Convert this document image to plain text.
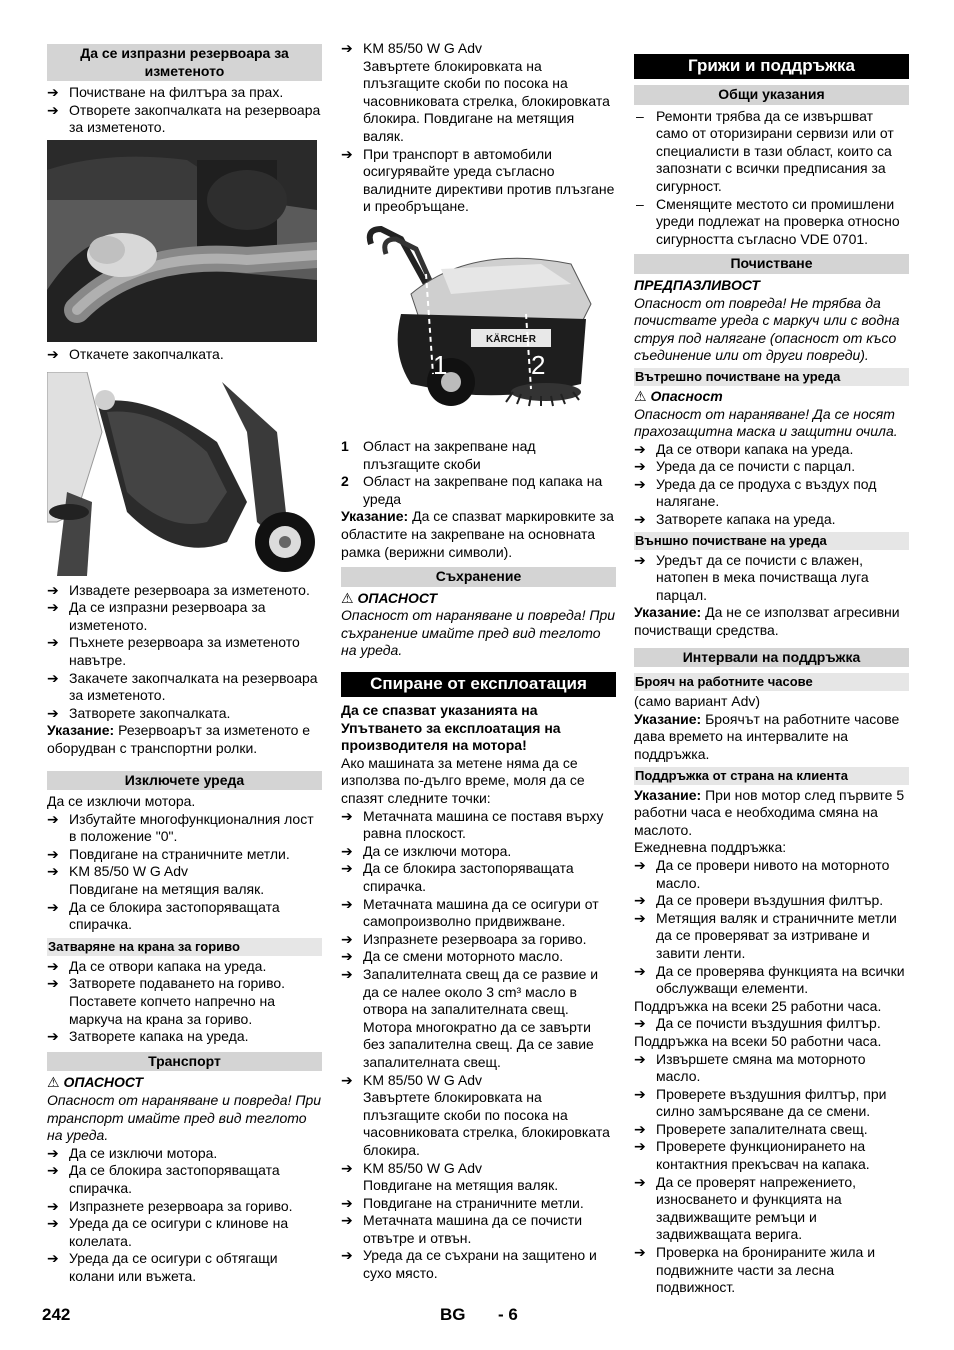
Да се изпразни резервоара за изметеното
➔ Почистване на филтъра за прах.
➔ Отворете закопчалката на резервоара за изметеното.
➔ Откачете закопчалката.
➔ Извадете резервоара за изметеното.
➔ Да се изпразни резервоара за изметеното.
➔ Пъхнете резервоара за изметеното навътре.
➔ Закачете закопчалката на резервоара за изметеното.
➔ Затворете закопчалката.

Указание: Резервоарът за изметеното е оборудван с транспортни ролки.

Изключете уреда

Да се изключи мотора.

➔ Избутайте многофункционалния лост в положение "0".
➔ Повдигане на страничните метли.
➔ KM 85/50 W G Adv

Повдигане на метящия валяк.

➔ Да се блокира застопоряващата спирачка.
Затваряне на крана за гориво
➔ Да се отвори капака на уреда.
➔ Затворете подаването на гориво.

Поставете копчето напречно на маркуча на крана за гориво.

➔ Затворете капака на уреда.
Транспорт

⚠ ОПАСНОСТ

Опасност от нараняване и повреда! При транспорт имайте пред вид теглото на уреда.

➔ Да се изключи мотора.
➔ Да се блокира застопоряващата спирачка.
➔ Изпразнете резервоара за гориво.
➔ Уреда да се осигури с клинове на колелата.
➔ Уреда да се осигури с обтягащи колани или въжета.
➔ KM 85/50 W G Adv

Завъртете блокировката на плъзгащите скоби по посока на часовниковата стрелка, блокировката блокира. Повдигане на метящия валяк.

➔ При транспорт в автомобили осигурявайте уреда съгласно валидните директиви против плъзгане и преобръщане.
KÄRCHER
1	2
1 Област на закрепване над плъзгащите скоби
2 Област на закрепване под капака на уреда

Указание: Да се спазват маркировките за областите на закрепване на основната рамка (верижни символи).

Съхранение

⚠ ОПАСНОСТ

Опасност от нараняване и повреда! При съхранение имайте пред вид теглото на уреда.

Спиране от експлоатация

Да се спазват указанията на Упътването за експлоатация на производителя на мотора!

Ако машината за метене няма да се използва по-дълго време, моля да се спазят следните точки:

➔ Метачната машина се поставя върху равна плоскост.
➔ Да се изключи мотора.
➔ Да се блокира застопоряващата спирачка.
➔ Метачната машина да се осигури от самопроизволно придвижване.
➔ Изпразнете резервоара за гориво.
➔ Да се смени моторното масло.
➔ Запалителната свещ да се развие и да се налее около 3 cm³ масло в отвора на запалителната свещ. Мотора многократно да се завърти без запалителна свещ. Да се завие запалителната свещ.
➔ KM 85/50 W G Adv

Завъртете блокировката на плъзгащите скоби по посока на часовниковата стрелка, блокировката блокира.

➔ KM 85/50 W G Adv

Повдигане на метящия валяк.

➔ Повдигане на страничните метли.
➔ Метачната машина да се почисти отвътре и отвън.
➔ Уреда да се съхрани на защитено и сухо място.
Грижи и поддръжка
Общи указания
– Ремонти трябва да се извършват само от оторизирани сервизи или от специалисти в тази област, които са запознати с всички предписания за сигурност.
– Сменящите местото си промишлени уреди подлежат на проверка относно сигурността съгласно VDE 0701.
Почистване

ПРЕДПАЗЛИВОСТ

Опасност от повреда! Не трябва да почиствате уреда с маркуч или с водна струя под налягане (опасност от късо съединение или от други повреди).

Вътрешно почистване на уреда

⚠ Опасност

Опасност от нараняване! Да се носят прахозащитна маска и защитни очила.

➔ Да се отвори капака на уреда.
➔ Уреда да се почисти с парцал.
➔ Уреда да се продуха с въздух под налягане.
➔ Затворете капака на уреда.
Външно почистване на уреда
➔ Уредът да се почисти с влажен, натопен в мека почистваща луга парцал.

Указание: Да не се използват агресивни почистващи средства.

Интервали на поддръжка
Брояч на работните часове

(само вариант Adv)

Указание: Броячът на работните часове дава времето на интервалите на поддръжка.

Поддръжка от страна на клиента

Указание: При нов мотор след първите 5 работни часа е необходима смяна на маслото.

Ежедневна поддръжка:

➔ Да се провери нивото на моторното масло.
➔ Да се провери въздушния филтър.
➔ Метящия валяк и страничните метли да се проверяват за изтриване и завити ленти.
➔ Да се проверява функцията на всички обслужващи елементи.

Поддръжка на всеки 25 работни часа.

➔ Да се почисти въздушния филтър.

Поддръжка на всеки 50 работни часа.

➔ Извършете смяна ма моторното масло.
➔ Проверете въздушния филтър, при силно замърсяване да се смени.
➔ Проверете запалителната свещ.
➔ Проверете функционирането на контактния прекъсвач на капака.
➔ Да се проверят напрежението, износването и функцията на задвижващите ремъци и задвижващата верига.
➔ Проверка на бронираните жила и подвижните части за лесна подвижност.
242	BG - 6
